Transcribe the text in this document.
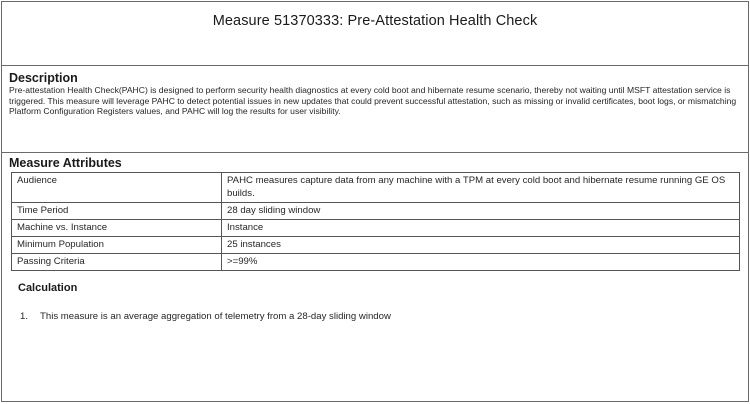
Measure 51370333: Pre-Attestation Health Check
Description
Pre-attestation Health Check(PAHC) is designed to perform security health diagnostics at every cold boot and hibernate resume scenario, thereby not waiting until MSFT attestation service is triggered. This measure will leverage PAHC to detect potential issues in new updates that could prevent successful attestation, such as missing or invalid certificates, boot logs, or mismatching Platform Configuration Registers values, and PAHC will log the results for user visibility.
Measure Attributes
Audience	PAHC measures capture data from any machine with a TPM at every cold boot and hibernate resume running GE OS builds.
Time Period	28 day sliding window
Machine vs. Instance	Instance
Minimum Population	25 instances
Passing Criteria	>=99%
Calculation
1.	This measure is an average aggregation of telemetry from a 28-day sliding window
